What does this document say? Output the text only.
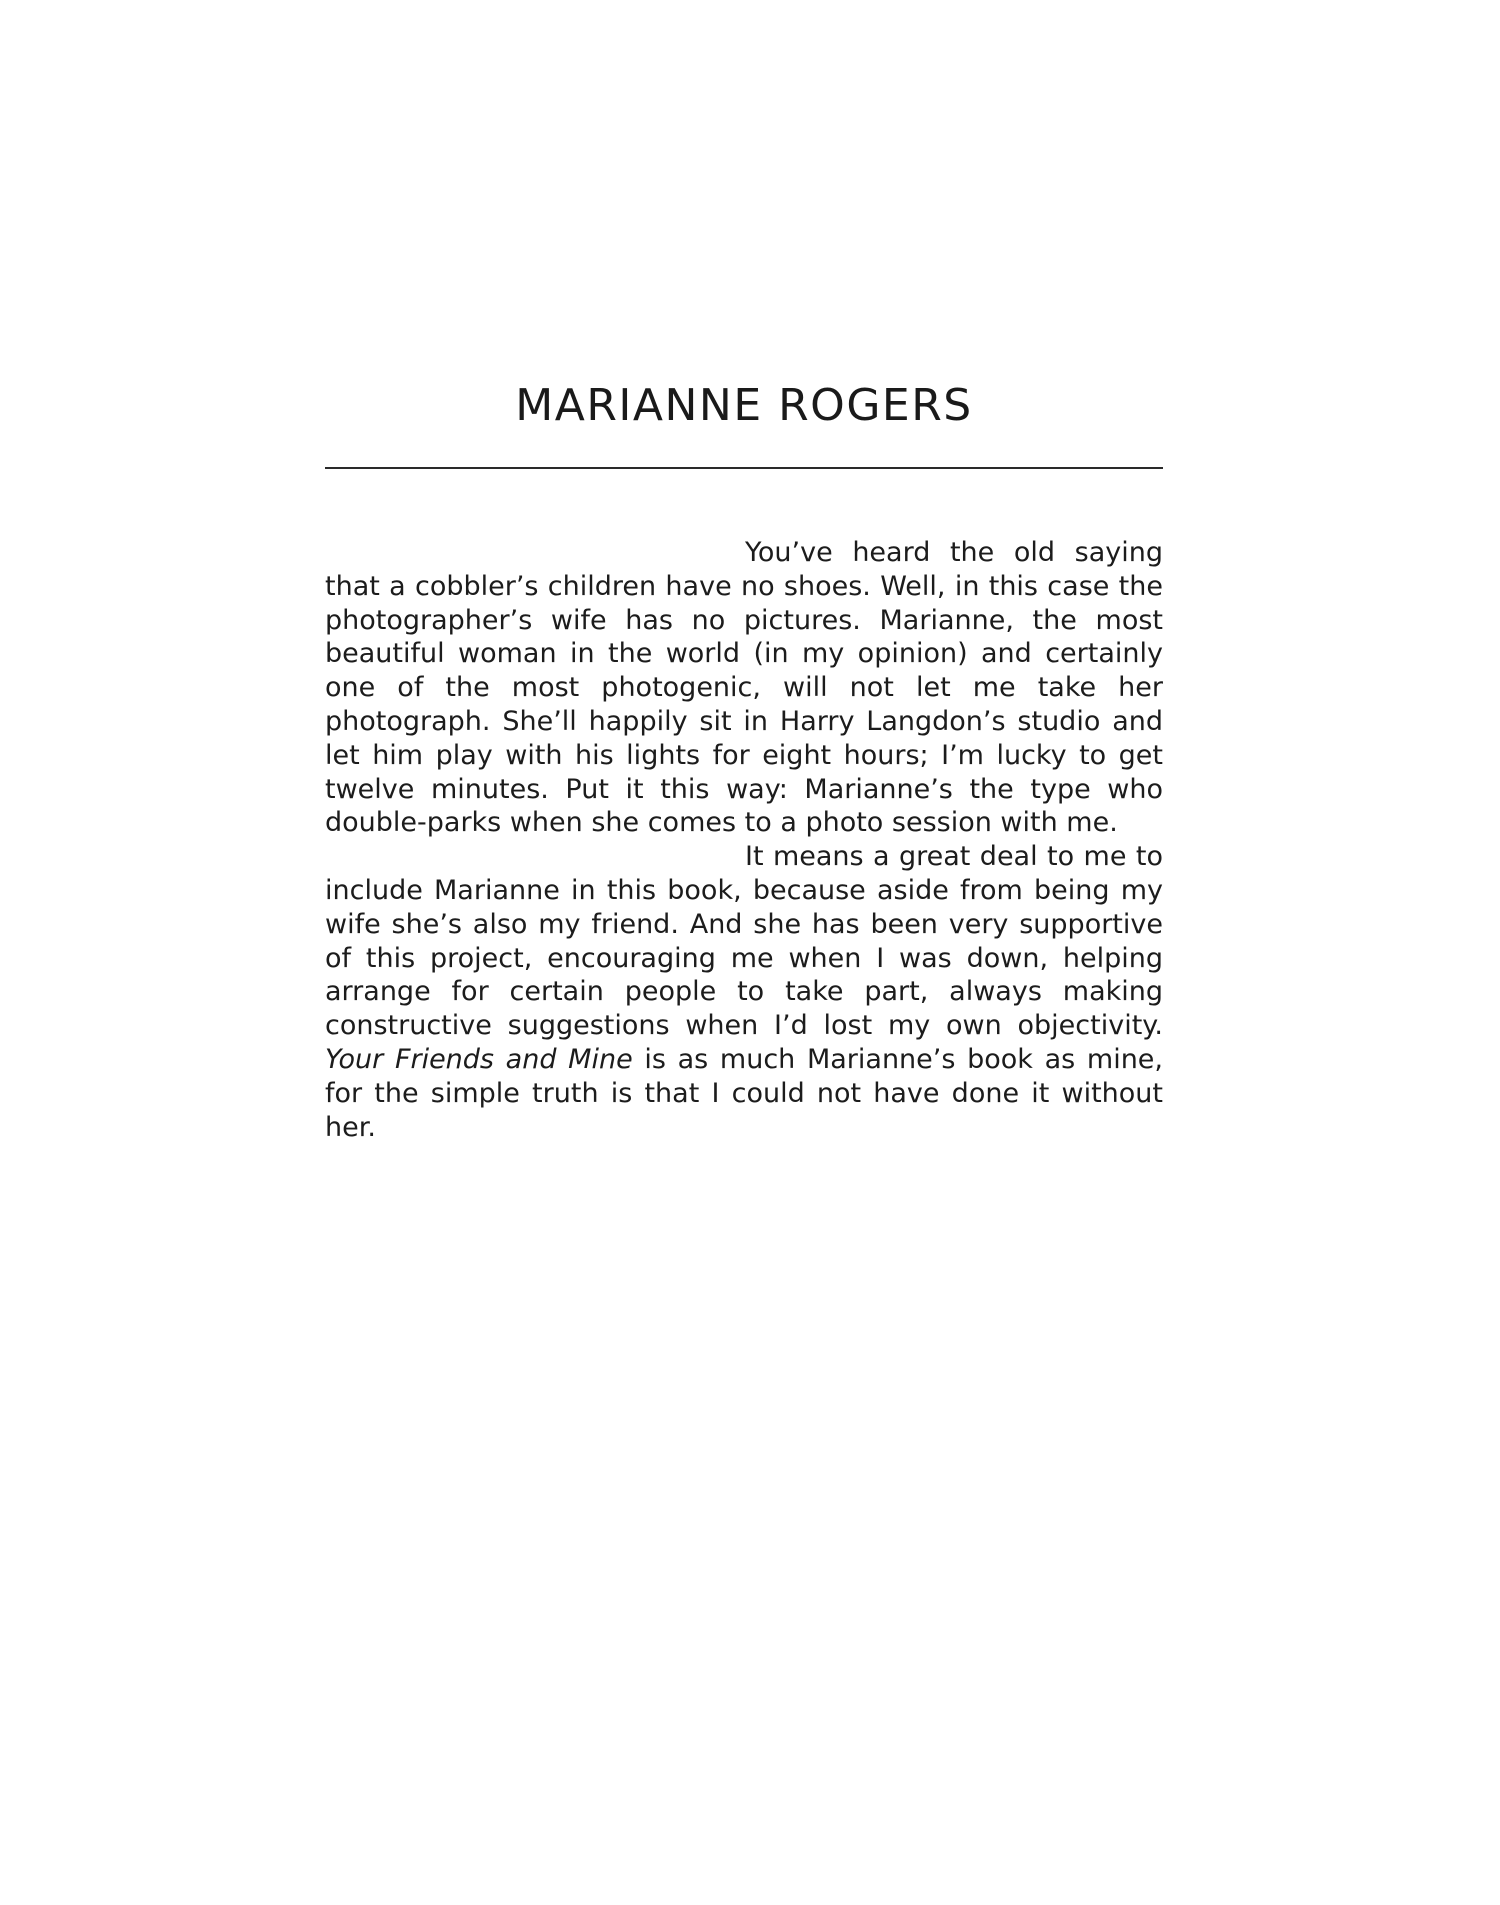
MARIANNE ROGERS

You’ve heard the old saying that a cobbler’s children have no shoes. Well, in this case the photographer’s wife has no pictures. Marianne, the most beautiful woman in the world (in my opinion) and certainly one of the most photogenic, will not let me take her photograph. She’ll happily sit in Harry Langdon’s studio and let him play with his lights for eight hours; I’m lucky to get twelve minutes. Put it this way: Marianne’s the type who double-parks when she comes to a photo session with me.

It means a great deal to me to include Marianne in this book, because aside from being my wife she’s also my friend. And she has been very supportive of this project, encouraging me when I was down, helping arrange for certain people to take part, always making constructive suggestions when I’d lost my own objectivity. Your Friends and Mine is as much Marianne’s book as mine, for the simple truth is that I could not have done it without her.
